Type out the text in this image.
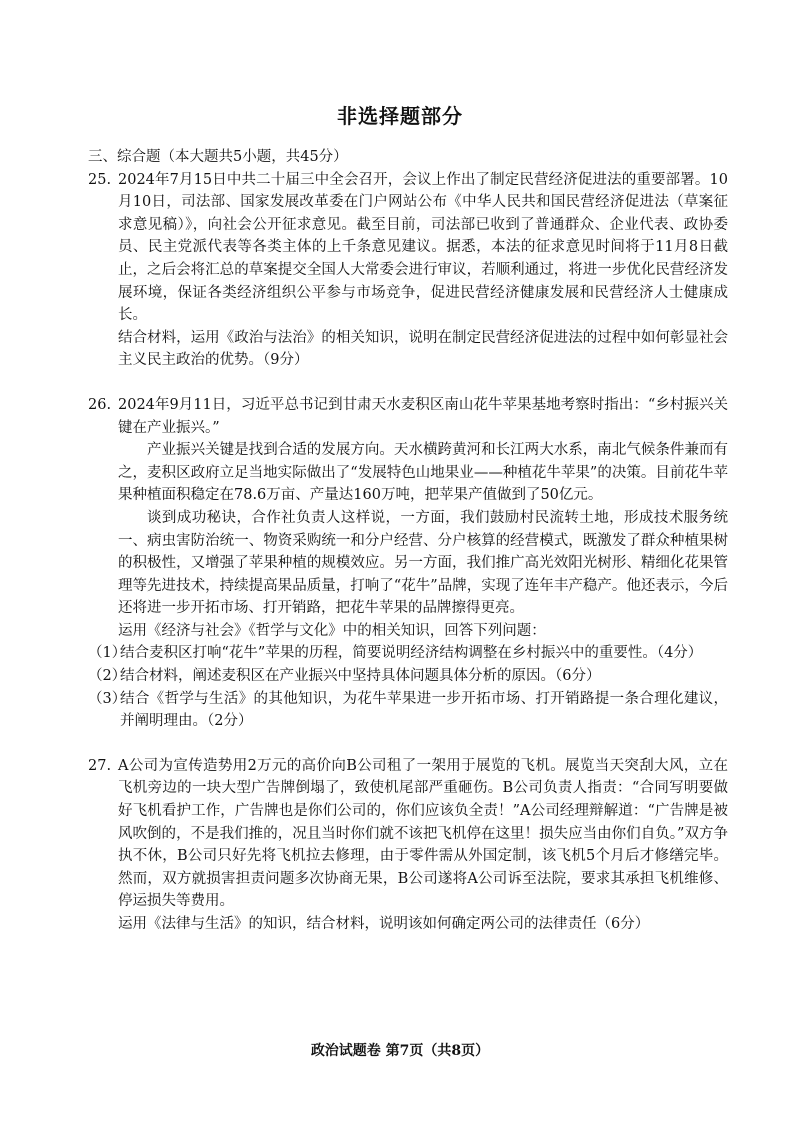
非选择题部分
三、综合题（本大题共5小题，共45分）
25. 2024年7月15日中共二十届三中全会召开，会议上作出了制定民营经济促进法的重要部署。10月10日，司法部、国家发展改革委在门户网站公布《中华人民共和国民营经济促进法（草案征求意见稿）》，向社会公开征求意见。截至目前，司法部已收到了普通群众、企业代表、政协委员、民主党派代表等各类主体的上千条意见建议。据悉，本法的征求意见时间将于11月8日截止，之后会将汇总的草案提交全国人大常委会进行审议，若顺利通过，将进一步优化民营经济发展环境，保证各类经济组织公平参与市场竞争，促进民营经济健康发展和民营经济人士健康成长。
结合材料，运用《政治与法治》的相关知识，说明在制定民营经济促进法的过程中如何彰显社会主义民主政治的优势。（9分）
26. 2024年9月11日，习近平总书记到甘肃天水麦积区南山花牛苹果基地考察时指出：“乡村振兴关键在产业振兴。”
产业振兴关键是找到合适的发展方向。天水横跨黄河和长江两大水系，南北气候条件兼而有之，麦积区政府立足当地实际做出了“发展特色山地果业——种植花牛苹果”的决策。目前花牛苹果种植面积稳定在78.6万亩、产量达160万吨，把苹果产值做到了50亿元。
谈到成功秘诀，合作社负责人这样说，一方面，我们鼓励村民流转土地，形成技术服务统一、病虫害防治统一、物资采购统一和分户经营、分户核算的经营模式，既激发了群众种植果树的积极性，又增强了苹果种植的规模效应。另一方面，我们推广高光效阳光树形、精细化花果管理等先进技术，持续提高果品质量，打响了“花牛”品牌，实现了连年丰产稳产。他还表示，今后还将进一步开拓市场、打开销路，把花牛苹果的品牌擦得更亮。
运用《经济与社会》《哲学与文化》中的相关知识，回答下列问题：
（1）
结合麦积区打响“花牛”苹果的历程，简要说明经济结构调整在乡村振兴中的重要性。（4分）
（2）
结合材料，阐述麦积区在产业振兴中坚持具体问题具体分析的原因。（6分）
（3）
结合《哲学与生活》的其他知识，为花牛苹果进一步开拓市场、打开销路提一条合理化建议，并阐明理由。（2分）
27. A公司为宣传造势用2万元的高价向B公司租了一架用于展览的飞机。展览当天突刮大风，立在飞机旁边的一块大型广告牌倒塌了，致使机尾部严重砸伤。B公司负责人指责：“合同写明要做好飞机看护工作，广告牌也是你们公司的，你们应该负全责！”A公司经理辩解道：“广告牌是被风吹倒的，不是我们推的，况且当时你们就不该把飞机停在这里！损失应当由你们自负。”双方争执不休，B公司只好先将飞机拉去修理，由于零件需从外国定制，该飞机5个月后才修缮完毕。然而，双方就损害担责问题多次协商无果，B公司遂将A公司诉至法院，要求其承担飞机维修、停运损失等费用。
运用《法律与生活》的知识，结合材料，说明该如何确定两公司的法律责任（6分）
政治试题卷 第7页（共8页）
